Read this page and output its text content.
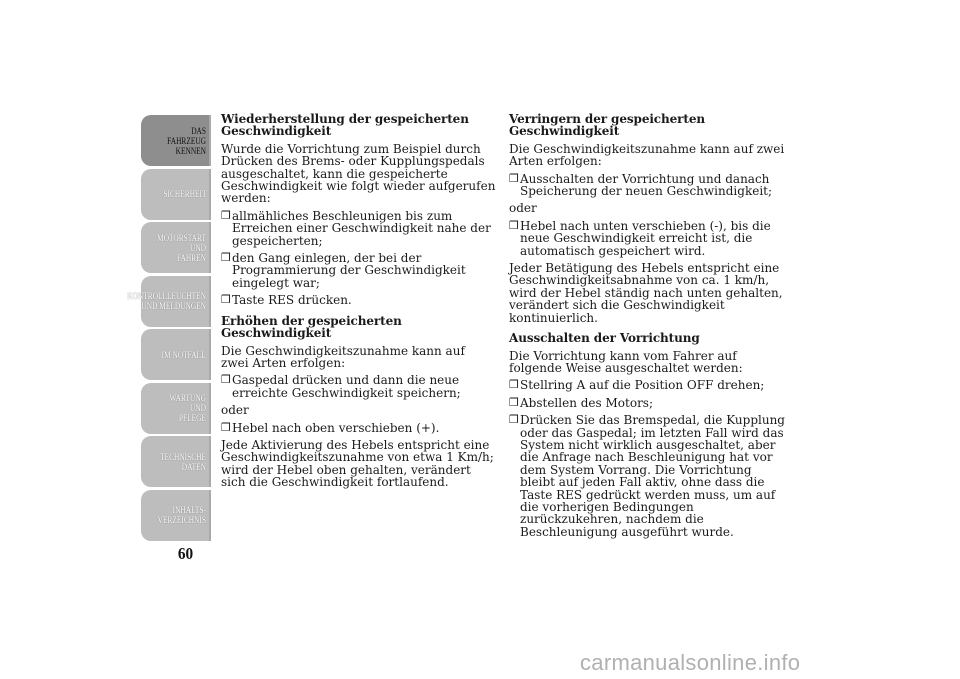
DAS FAHRZEUG
KENNEN
SICHERHEIT
MOTORSTART UND
FAHREN
KONTROLLLEUCHTEN
UND MELDUNGEN
IM NOTFALL
WARTUNG UND
PFLEGE
TECHNISCHE
DATEN
INHALTS-
VERZEICHNIS
60
Wiederherstellung der gespeicherten Geschwindigkeit

Wurde die Vorrichtung zum Beispiel durch Drücken des Brems- oder Kupplungspedals ausgeschaltet, kann die gespeicherte Geschwindigkeit wie folgt wieder aufgerufen werden:

❒ allmähliches Beschleunigen bis zum Erreichen einer Geschwindigkeit nahe der gespeicherten;
❒ den Gang einlegen, der bei der Programmierung der Geschwindigkeit eingelegt war;
❒ Taste RES drücken.
Erhöhen der gespeicherten Geschwindigkeit

Die Geschwindigkeitszunahme kann auf zwei Arten erfolgen:

❒ Gaspedal drücken und dann die neue erreichte Geschwindigkeit speichern;

oder

❒ Hebel nach oben verschieben (+).

Jede Aktivierung des Hebels entspricht eine Geschwindigkeitszunahme von etwa 1 Km/h; wird der Hebel oben gehalten, verändert sich die Geschwindigkeit fortlaufend.

Verringern der gespeicherten Geschwindigkeit

Die Geschwindigkeitszunahme kann auf zwei Arten erfolgen:

❒ Ausschalten der Vorrichtung und danach Speicherung der neuen Geschwindigkeit;

oder

❒ Hebel nach unten verschieben (-), bis die neue Geschwindigkeit erreicht ist, die automatisch gespeichert wird.

Jeder Betätigung des Hebels entspricht eine Geschwindigkeitsabnahme von ca. 1 km/h, wird der Hebel ständig nach unten gehalten, verändert sich die Geschwindigkeit kontinuierlich.

Ausschalten der Vorrichtung

Die Vorrichtung kann vom Fahrer auf folgende Weise ausgeschaltet werden:

❒ Stellring A auf die Position OFF drehen;
❒ Abstellen des Motors;
❒ Drücken Sie das Bremspedal, die Kupplung oder das Gaspedal; im letzten Fall wird das System nicht wirklich ausgeschaltet, aber die Anfrage nach Beschleunigung hat vor dem System Vorrang. Die Vorrichtung bleibt auf jeden Fall aktiv, ohne dass die Taste RES gedrückt werden muss, um auf die vorherigen Bedingungen zurückzukehren, nachdem die Beschleunigung ausgeführt wurde.
carmanualsonline.info
